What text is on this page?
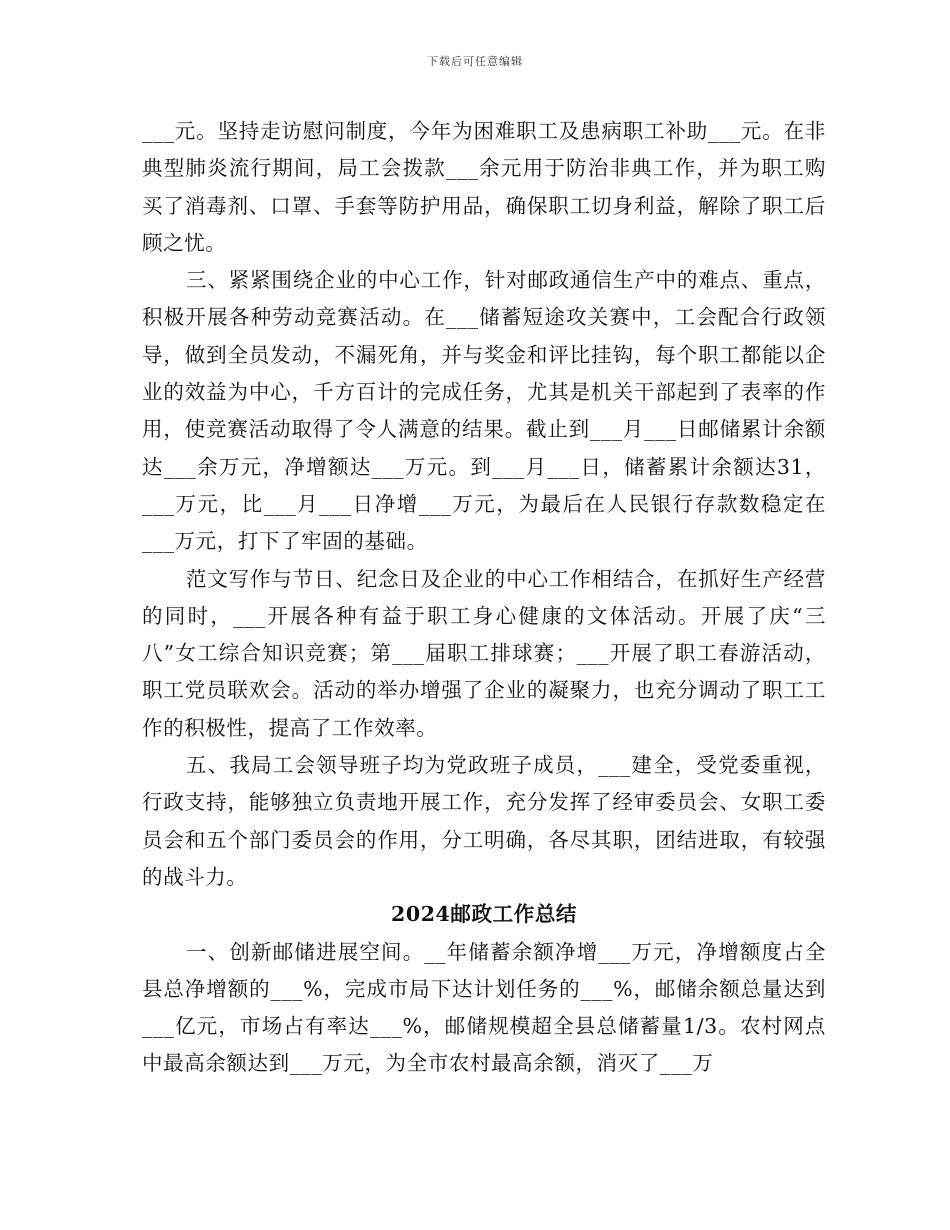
下载后可任意编辑

___元。坚持走访慰问制度，今年为困难职工及患病职工补助___元。在非典型肺炎流行期间，局工会拨款___余元用于防治非典工作，并为职工购买了消毒剂、口罩、手套等防护用品，确保职工切身利益，解除了职工后顾之忧。

三、紧紧围绕企业的中心工作，针对邮政通信生产中的难点、重点，积极开展各种劳动竞赛活动。在___储蓄短途攻关赛中，工会配合行政领导，做到全员发动，不漏死角，并与奖金和评比挂钩，每个职工都能以企业的效益为中心，千方百计的完成任务，尤其是机关干部起到了表率的作用，使竞赛活动取得了令人满意的结果。截止到___月___日邮储累计余额达___余万元，净增额达___万元。到___月___日，储蓄累计余额达31，___万元，比___月___日净增___万元，为最后在人民银行存款数稳定在___万元，打下了牢固的基础。

范文写作与节日、纪念日及企业的中心工作相结合，在抓好生产经营的同时，___开展各种有益于职工身心健康的文体活动。开展了庆“三八”女工综合知识竞赛；第___届职工排球赛；___开展了职工春游活动，职工党员联欢会。活动的举办增强了企业的凝聚力，也充分调动了职工工作的积极性，提高了工作效率。

五、我局工会领导班子均为党政班子成员，___建全，受党委重视，行政支持，能够独立负责地开展工作，充分发挥了经审委员会、女职工委员会和五个部门委员会的作用，分工明确，各尽其职，团结进取，有较强的战斗力。

2024邮政工作总结

一、创新邮储进展空间。__年储蓄余额净增___万元，净增额度占全县总净增额的___%，完成市局下达计划任务的___%，邮储余额总量达到___亿元，市场占有率达___%，邮储规模超全县总储蓄量1/3。农村网点中最高余额达到___万元，为全市农村最高余额，消灭了___万
